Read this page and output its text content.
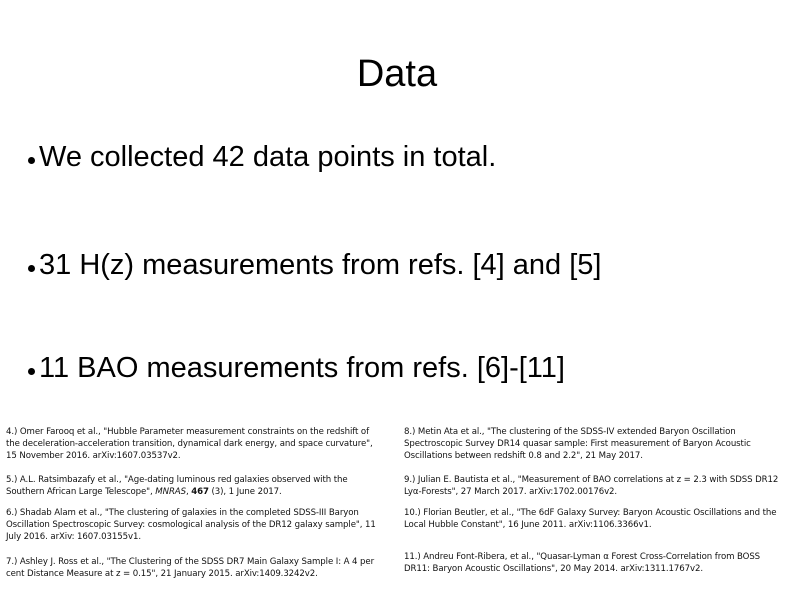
Data
We collected 42 data points in total.
31 H(z) measurements from refs. [4] and [5]
11 BAO measurements from refs. [6]-[11]
4.) Omer Farooq et al., "Hubble Parameter measurement constraints on the redshift of the deceleration-acceleration transition, dynamical dark energy, and space curvature", 15 November 2016. arXiv:1607.03537v2.
5.) A.L. Ratsimbazafy et al., "Age-dating luminous red galaxies observed with the Southern African Large Telescope", MNRAS, 467 (3), 1 June 2017.
6.) Shadab Alam et al., "The clustering of galaxies in the completed SDSS-III Baryon Oscillation Spectroscopic Survey: cosmological analysis of the DR12 galaxy sample", 11 July 2016. arXiv: 1607.03155v1.
7.) Ashley J. Ross et al., "The Clustering of the SDSS DR7 Main Galaxy Sample I: A 4 per cent Distance Measure at z = 0.15", 21 January 2015. arXiv:1409.3242v2.
8.) Metin Ata et al., "The clustering of the SDSS-IV extended Baryon Oscillation Spectroscopic Survey DR14 quasar sample: First measurement of Baryon Acoustic Oscillations between redshift 0.8 and 2.2", 21 May 2017.
9.) Julian E. Bautista et al., "Measurement of BAO correlations at z = 2.3 with SDSS DR12 Lyα-Forests", 27 March 2017. arXiv:1702.00176v2.
10.) Florian Beutler, et al., "The 6dF Galaxy Survey: Baryon Acoustic Oscillations and the Local Hubble Constant", 16 June 2011. arXiv:1106.3366v1.
11.) Andreu Font-Ribera, et al., "Quasar-Lyman α Forest Cross-Correlation from BOSS DR11: Baryon Acoustic Oscillations", 20 May 2014. arXiv:1311.1767v2.
